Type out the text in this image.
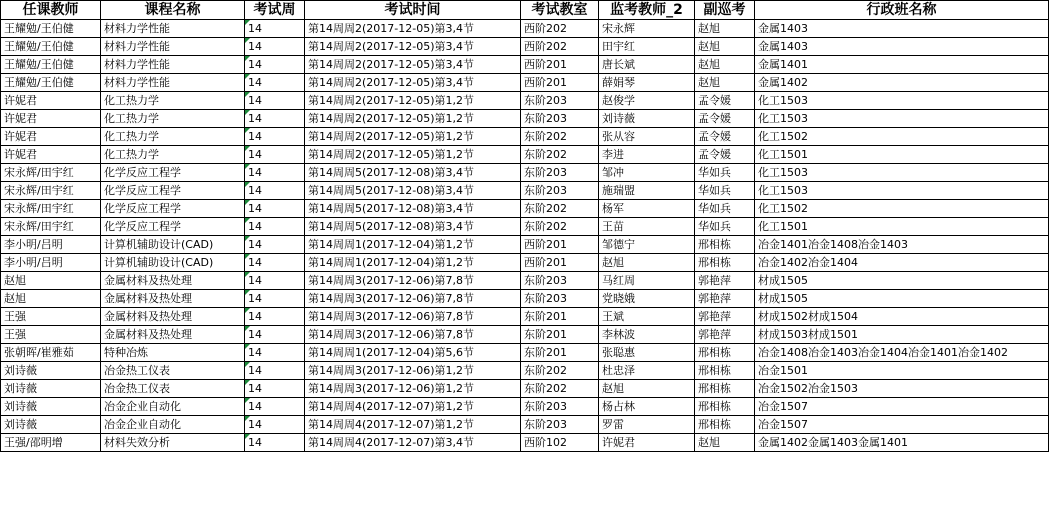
任课教师	课程名称	考试周	考试时间	考试教室	监考教师_2	副巡考	行政班名称
王耀勉/王伯健	材料力学性能	14	第14周周2(2017-12-05)第3,4节	西阶202	宋永辉	赵旭	金属1403
王耀勉/王伯健	材料力学性能	14	第14周周2(2017-12-05)第3,4节	西阶202	田宇红	赵旭	金属1403
王耀勉/王伯健	材料力学性能	14	第14周周2(2017-12-05)第3,4节	西阶201	唐长斌	赵旭	金属1401
王耀勉/王伯健	材料力学性能	14	第14周周2(2017-12-05)第3,4节	西阶201	薛娟琴	赵旭	金属1402
许妮君	化工热力学	14	第14周周2(2017-12-05)第1,2节	东阶203	赵俊学	孟令媛	化工1503
许妮君	化工热力学	14	第14周周2(2017-12-05)第1,2节	东阶203	刘诗薇	孟令媛	化工1503
许妮君	化工热力学	14	第14周周2(2017-12-05)第1,2节	东阶202	张从容	孟令媛	化工1502
许妮君	化工热力学	14	第14周周2(2017-12-05)第1,2节	东阶202	李进	孟令媛	化工1501
宋永辉/田宇红	化学反应工程学	14	第14周周5(2017-12-08)第3,4节	东阶203	邹冲	华如兵	化工1503
宋永辉/田宇红	化学反应工程学	14	第14周周5(2017-12-08)第3,4节	东阶203	施瑞盟	华如兵	化工1503
宋永辉/田宇红	化学反应工程学	14	第14周周5(2017-12-08)第3,4节	东阶202	杨军	华如兵	化工1502
宋永辉/田宇红	化学反应工程学	14	第14周周5(2017-12-08)第3,4节	东阶202	王苗	华如兵	化工1501
李小明/吕明	计算机辅助设计(CAD)	14	第14周周1(2017-12-04)第1,2节	西阶201	邹德宁	邢相栋	冶金1401冶金1408冶金1403
李小明/吕明	计算机辅助设计(CAD)	14	第14周周1(2017-12-04)第1,2节	西阶201	赵旭	邢相栋	冶金1402冶金1404
赵旭	金属材料及热处理	14	第14周周3(2017-12-06)第7,8节	东阶203	马红周	郭艳萍	材成1505
赵旭	金属材料及热处理	14	第14周周3(2017-12-06)第7,8节	东阶203	党晓娥	郭艳萍	材成1505
王强	金属材料及热处理	14	第14周周3(2017-12-06)第7,8节	东阶201	王斌	郭艳萍	材成1502材成1504
王强	金属材料及热处理	14	第14周周3(2017-12-06)第7,8节	东阶201	李林波	郭艳萍	材成1503材成1501
张朝晖/崔雅茹	特种冶炼	14	第14周周1(2017-12-04)第5,6节	东阶201	张聪惠	邢相栋	冶金1408冶金1403冶金1404冶金1401冶金1402
刘诗薇	冶金热工仪表	14	第14周周3(2017-12-06)第1,2节	东阶202	杜忠泽	邢相栋	冶金1501
刘诗薇	冶金热工仪表	14	第14周周3(2017-12-06)第1,2节	东阶202	赵旭	邢相栋	冶金1502冶金1503
刘诗薇	冶金企业自动化	14	第14周周4(2017-12-07)第1,2节	东阶203	杨占林	邢相栋	冶金1507
刘诗薇	冶金企业自动化	14	第14周周4(2017-12-07)第1,2节	东阶203	罗雷	邢相栋	冶金1507
王强/邵明增	材料失效分析	14	第14周周4(2017-12-07)第3,4节	西阶102	许妮君	赵旭	金属1402金属1403金属1401
